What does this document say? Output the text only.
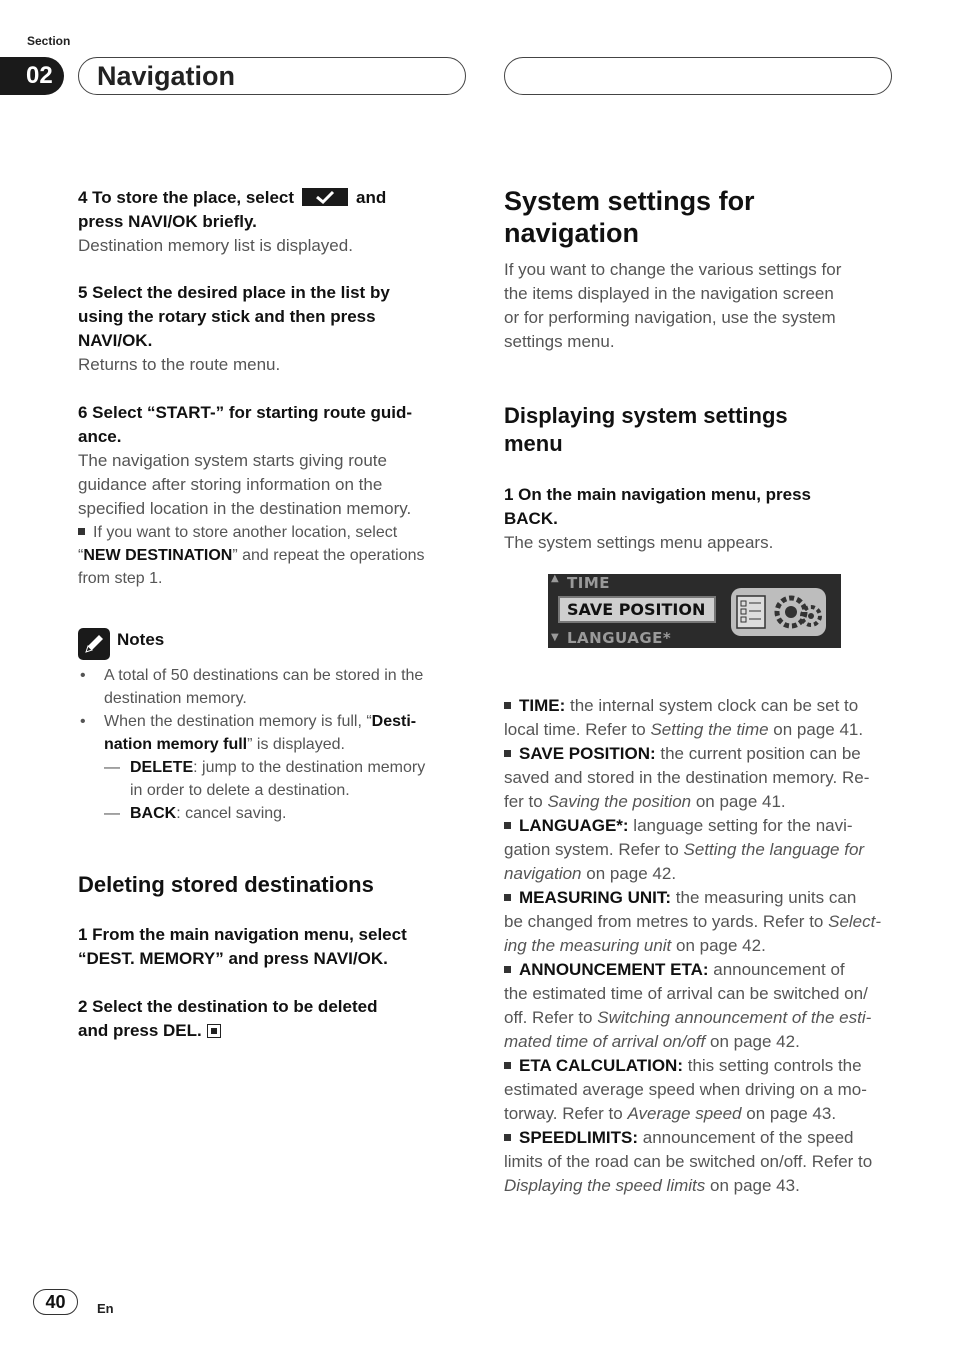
Section
02	Navigation
4 To store the place, select	and
press NAVI/OK briefly.
Destination memory list is displayed.
5 Select the desired place in the list by
using the rotary stick and then press
NAVI/OK.
Returns to the route menu.
6 Select “START-” for starting route guid-
ance.
The navigation system starts giving route
guidance after storing information on the
specified location in the destination memory.
If you want to store another location, select
“NEW DESTINATION” and repeat the operations
from step 1.
Notes
• A total of 50 destinations can be stored in the
destination memory.
• When the destination memory is full, “Desti-
nation memory full” is displayed.
— DELETE: jump to the destination memory
in order to delete a destination.
— BACK: cancel saving.
Deleting stored destinations
1 From the main navigation menu, select
“DEST. MEMORY” and press NAVI/OK.
2 Select the destination to be deleted
and press DEL.
System settings for
navigation
If you want to change the various settings for
the items displayed in the navigation screen
or for performing navigation, use the system
settings menu.
Displaying system settings
menu
1 On the main navigation menu, press
BACK.
The system settings menu appears.
▲ TIME
SAVE POSITION
▼ LANGUAGE*
TIME: the internal system clock can be set to
local time. Refer to Setting the time on page 41.
SAVE POSITION: the current position can be
saved and stored in the destination memory. Re-
fer to Saving the position on page 41.
LANGUAGE*: language setting for the navi-
gation system. Refer to Setting the language for
navigation on page 42.
MEASURING UNIT: the measuring units can
be changed from metres to yards. Refer to Select-
ing the measuring unit on page 42.
ANNOUNCEMENT ETA: announcement of
the estimated time of arrival can be switched on/
off. Refer to Switching announcement of the esti-
mated time of arrival on/off on page 42.
ETA CALCULATION: this setting controls the
estimated average speed when driving on a mo-
torway. Refer to Average speed on page 43.
SPEEDLIMITS: announcement of the speed
limits of the road can be switched on/off. Refer to
Displaying the speed limits on page 43.
40	En
